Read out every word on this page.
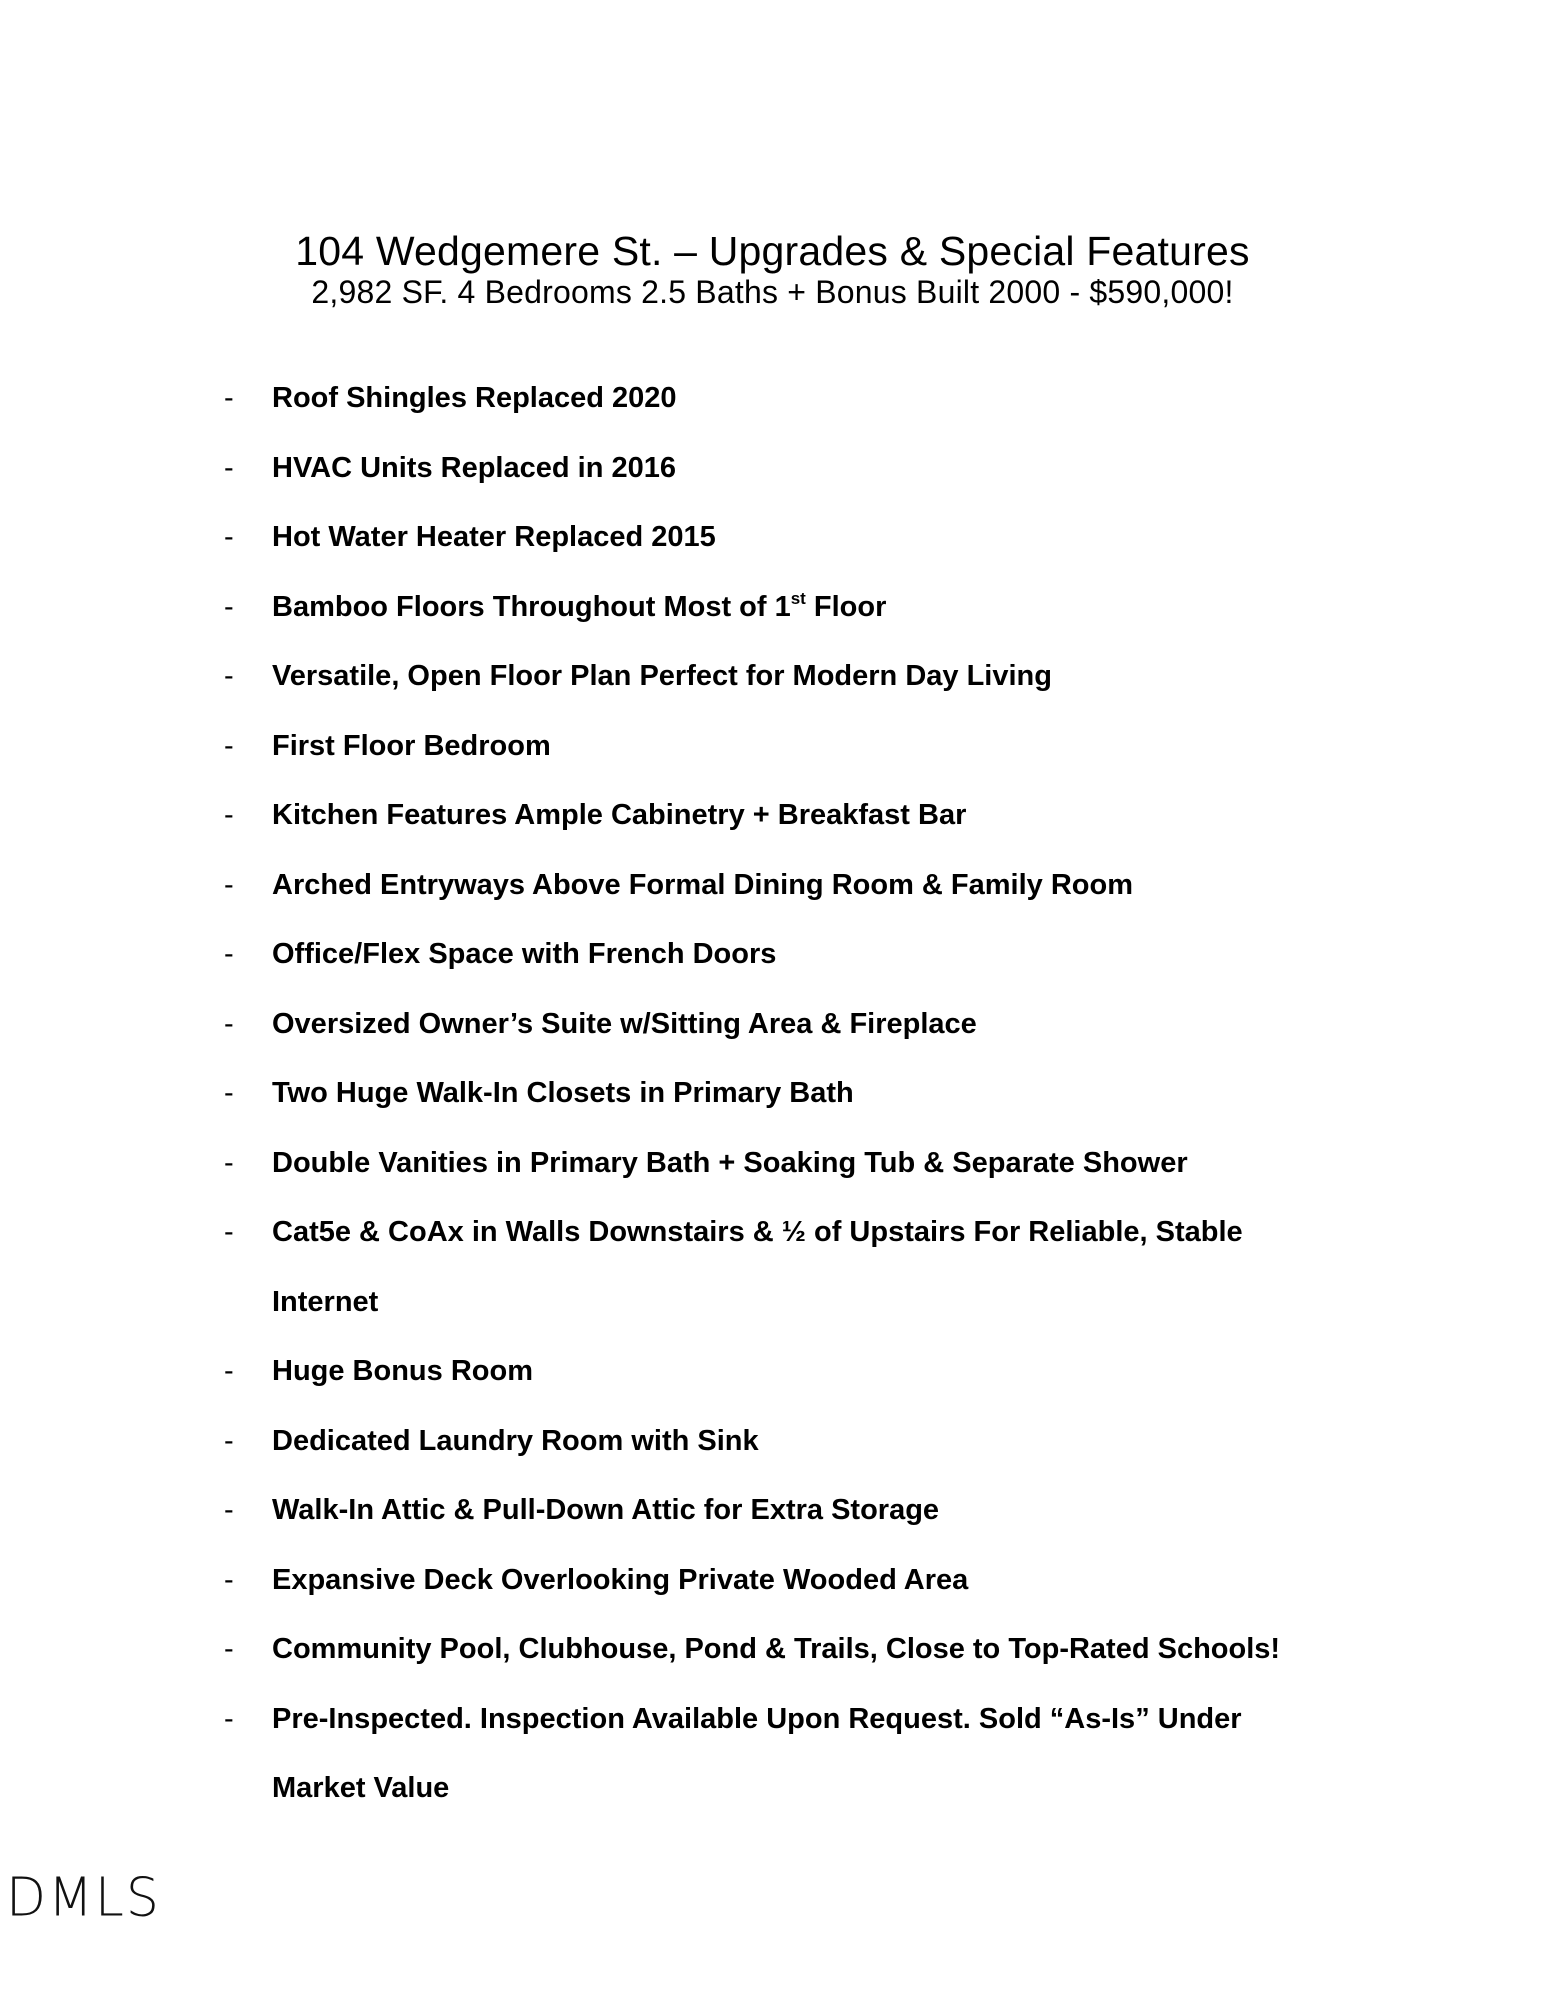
104 Wedgemere St. – Upgrades & Special Features
2,982 SF. 4 Bedrooms 2.5 Baths + Bonus Built 2000 - $590,000!
- Roof Shingles Replaced 2020
- HVAC Units Replaced in 2016
- Hot Water Heater Replaced 2015
- Bamboo Floors Throughout Most of 1st Floor
- Versatile, Open Floor Plan Perfect for Modern Day Living
- First Floor Bedroom
- Kitchen Features Ample Cabinetry + Breakfast Bar
- Arched Entryways Above Formal Dining Room & Family Room
- Office/Flex Space with French Doors
- Oversized Owner’s Suite w/Sitting Area & Fireplace
- Two Huge Walk-In Closets in Primary Bath
- Double Vanities in Primary Bath + Soaking Tub & Separate Shower
- Cat5e & CoAx in Walls Downstairs & ½ of Upstairs For Reliable, Stable
Internet
- Huge Bonus Room
- Dedicated Laundry Room with Sink
- Walk-In Attic & Pull-Down Attic for Extra Storage
- Expansive Deck Overlooking Private Wooded Area
- Community Pool, Clubhouse, Pond & Trails, Close to Top-Rated Schools!
- Pre-Inspected. Inspection Available Upon Request. Sold “As-Is” Under
Market Value
DMLS
